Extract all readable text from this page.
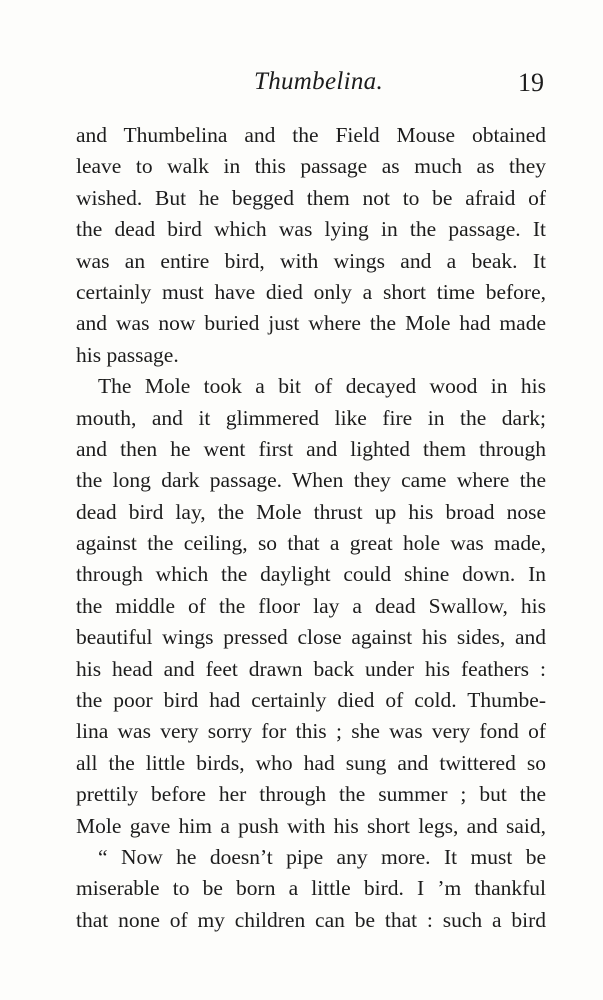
Thumbelina.	19
and Thumbelina and the Field Mouse obtained
leave to walk in this passage as much as they
wished. But he begged them not to be afraid of
the dead bird which was lying in the passage. It
was an entire bird, with wings and a beak. It
certainly must have died only a short time before,
and was now buried just where the Mole had made
his passage.
The Mole took a bit of decayed wood in his
mouth, and it glimmered like fire in the dark;
and then he went first and lighted them through
the long dark passage. When they came where the
dead bird lay, the Mole thrust up his broad nose
against the ceiling, so that a great hole was made,
through which the daylight could shine down. In
the middle of the floor lay a dead Swallow, his
beautiful wings pressed close against his sides, and
his head and feet drawn back under his feathers :
the poor bird had certainly died of cold. Thumbe-
lina was very sorry for this ; she was very fond of
all the little birds, who had sung and twittered so
prettily before her through the summer ; but the
Mole gave him a push with his short legs, and said,
“ Now he doesn’t pipe any more. It must be
miserable to be born a little bird. I ’m thankful
that none of my children can be that : such a bird
